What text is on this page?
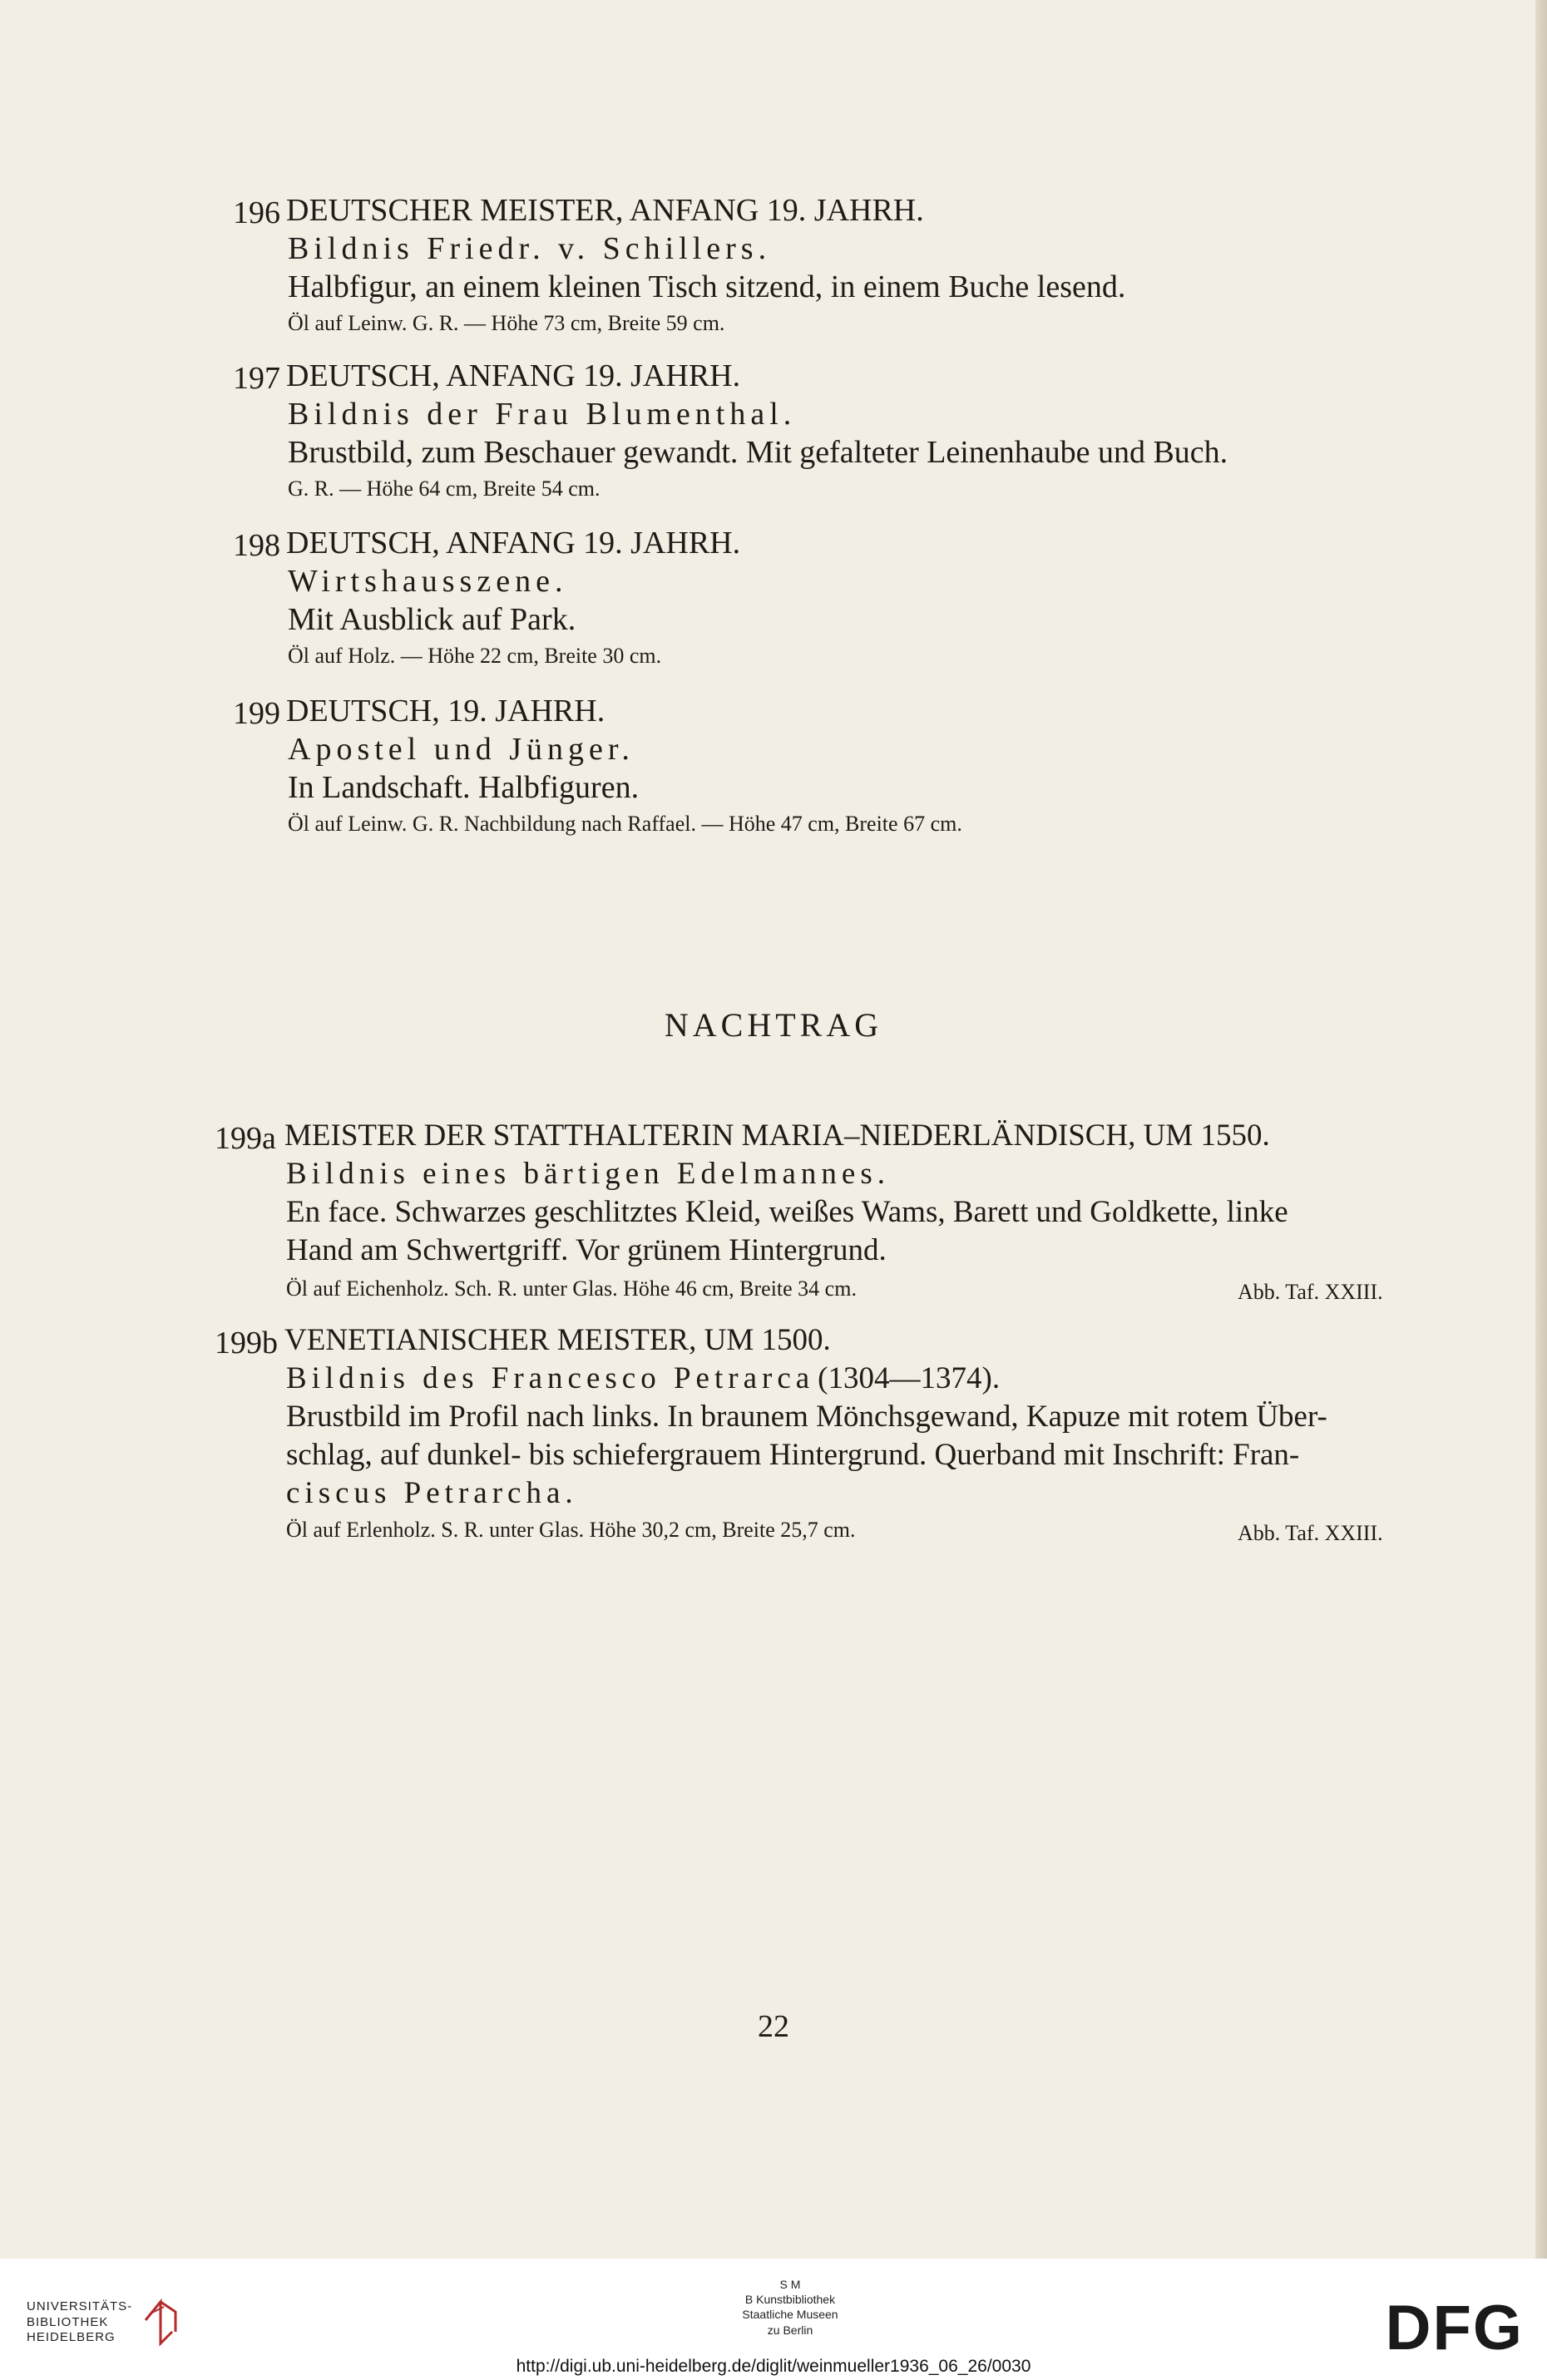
196 DEUTSCHER MEISTER, ANFANG 19. JAHRH.
Bildnis Friedr. v. Schillers.
Halbfigur, an einem kleinen Tisch sitzend, in einem Buche lesend.
Öl auf Leinw. G. R. — Höhe 73 cm, Breite 59 cm.
197 DEUTSCH, ANFANG 19. JAHRH.
Bildnis der Frau Blumenthal.
Brustbild, zum Beschauer gewandt. Mit gefalteter Leinenhaube und Buch.
G. R. — Höhe 64 cm, Breite 54 cm.
198 DEUTSCH, ANFANG 19. JAHRH.
Wirtshausszene.
Mit Ausblick auf Park.
Öl auf Holz. — Höhe 22 cm, Breite 30 cm.
199 DEUTSCH, 19. JAHRH.
Apostel und Jünger.
In Landschaft. Halbfiguren.
Öl auf Leinw. G. R. Nachbildung nach Raffael. — Höhe 47 cm, Breite 67 cm.
NACHTRAG
199a MEISTER DER STATTHALTERIN MARIA–NIEDERLÄNDISCH, UM 1550.
Bildnis eines bärtigen Edelmannes.
En face. Schwarzes geschlitztes Kleid, weißes Wams, Barett und Goldkette, linke
Hand am Schwertgriff. Vor grünem Hintergrund.
Öl auf Eichenholz. Sch. R. unter Glas. Höhe 46 cm, Breite 34 cm.	Abb. Taf. XXIII.
199b VENETIANISCHER MEISTER, UM 1500.
Bildnis des Francesco Petrarca (1304—1374).
Brustbild im Profil nach links. In braunem Mönchsgewand, Kapuze mit rotem Über-
schlag, auf dunkel- bis schiefergrauem Hintergrund. Querband mit Inschrift: Fran-
ciscus Petrarcha.
Öl auf Erlenholz. S. R. unter Glas. Höhe 30,2 cm, Breite 25,7 cm.	Abb. Taf. XXIII.
22
UNIVERSITÄTS-
BIBLIOTHEK
HEIDELBERG
S M
B Kunstbibliothek
Staatliche Museen
zu Berlin	DFG
http://digi.ub.uni-heidelberg.de/diglit/weinmueller1936_06_26/0030
